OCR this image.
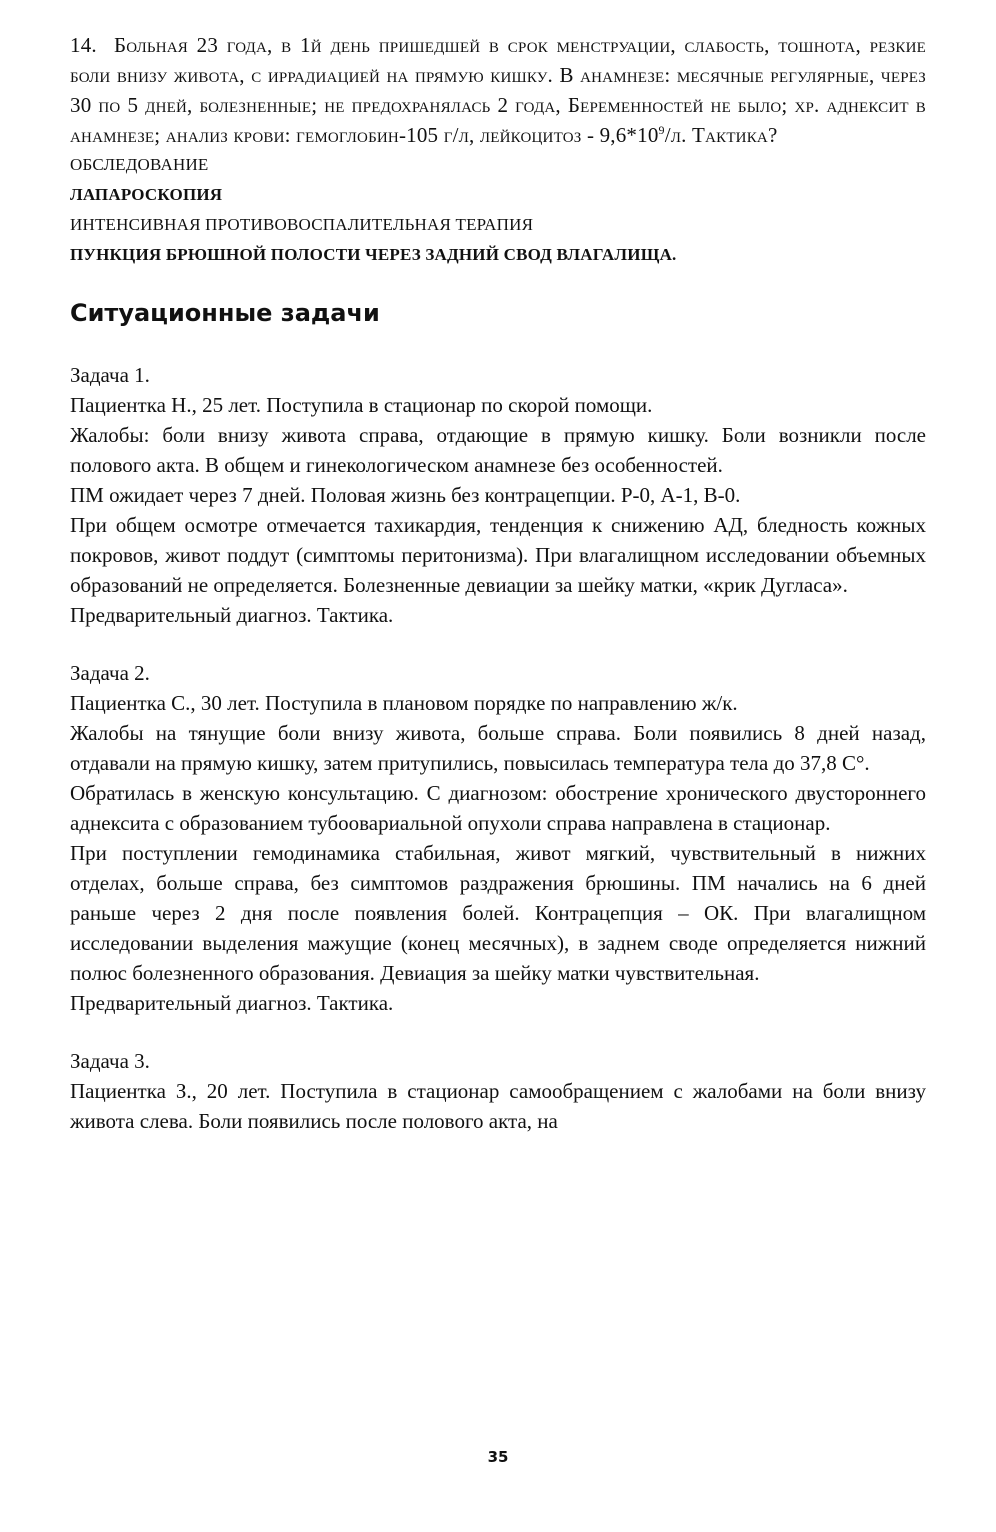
14. Больная 23 года, в 1й день пришедшей в срок менструации, слабость, тошнота, резкие боли внизу живота, с иррадиацией на прямую кишку. В анамнезе: месячные регулярные, через 30 по 5 дней, болезненные; не предохранялась 2 года, Беременностей не было; хр. аднексит в анамнезе; анализ крови: гемоглобин-105 г/л, лейкоцитоз - $9,6*10^9/л$. Тактика?

ОБСЛЕДОВАНИЕ
ЛАПАРОСКОПИЯ
ИНТЕНСИВНАЯ ПРОТИВОВОСПАЛИТЕЛЬНАЯ ТЕРАПИЯ
ПУНКЦИЯ БРЮШНОЙ ПОЛОСТИ ЧЕРЕЗ ЗАДНИЙ СВОД ВЛАГАЛИЩА.
Ситуационные задачи

Задача 1.

Пациентка Н., 25 лет. Поступила в стационар по скорой помощи.

Жалобы: боли внизу живота справа, отдающие в прямую кишку. Боли возникли после полового акта. В общем и гинекологическом анамнезе без особенностей.

ПМ ожидает через 7 дней. Половая жизнь без контрацепции. Р-0, А-1, В-0.

При общем осмотре отмечается тахикардия, тенденция к снижению АД, бледность кожных покровов, живот поддут (симптомы перитонизма). При влагалищном исследовании объемных образований не определяется. Болезненные девиации за шейку матки, «крик Дугласа».

Предварительный диагноз. Тактика.

Задача 2.

Пациентка С., 30 лет. Поступила в плановом порядке по направлению ж/к.

Жалобы на тянущие боли внизу живота, больше справа. Боли появились 8 дней назад, отдавали на прямую кишку, затем притупились, повысилась температура тела до 37,8 С°.

Обратилась в женскую консультацию. С диагнозом: обострение хронического двустороннего аднексита с образованием тубоовариальной опухоли справа направлена в стационар.

При поступлении гемодинамика стабильная, живот мягкий, чувствительный в нижних отделах, больше справа, без симптомов раздражения брюшины. ПМ начались на 6 дней раньше через 2 дня после появления болей. Контрацепция – ОК. При влагалищном исследовании выделения мажущие (конец месячных), в заднем своде определяется нижний полюс болезненного образования. Девиация за шейку матки чувствительная.

Предварительный диагноз. Тактика.

Задача 3.

Пациентка З., 20 лет. Поступила в стационар самообращением с жалобами на боли внизу живота слева. Боли появились после полового акта, на

35
